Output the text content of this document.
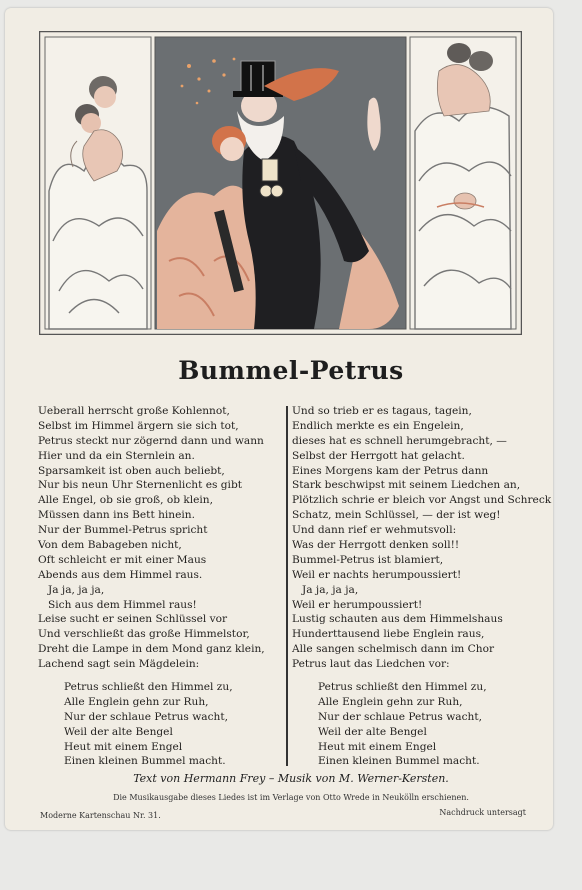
Bummel-Petrus
Ueberall herrscht große Kohlennot,
Selbst im Himmel ärgern sie sich tot,
Petrus steckt nur zögernd dann und wann
Hier und da ein Sternlein an.
Sparsamkeit ist oben auch beliebt,
Nur bis neun Uhr Sternenlicht es gibt
Alle Engel, ob sie groß, ob klein,
Müssen dann ins Bett hinein.
Nur der Bummel-Petrus spricht
Von dem Babageben nicht,
Oft schleicht er mit einer Maus
Abends aus dem Himmel raus.
Ja ja, ja ja,
Sich aus dem Himmel raus!
Leise sucht er seinen Schlüssel vor
Und verschließt das große Himmelstor,
Dreht die Lampe in dem Mond ganz klein,
Lachend sagt sein Mägdelein:
Petrus schließt den Himmel zu,
Alle Englein gehn zur Ruh,
Nur der schlaue Petrus wacht,
Weil der alte Bengel
Heut mit einem Engel
Einen kleinen Bummel macht.
Und so trieb er es tagaus, tagein,
Endlich merkte es ein Engelein,
dieses hat es schnell herumgebracht, —
Selbst der Herrgott hat gelacht.
Eines Morgens kam der Petrus dann
Stark beschwipst mit seinem Liedchen an,
Plötzlich schrie er bleich vor Angst und Schreck
Schatz, mein Schlüssel, — der ist weg!
Und dann rief er wehmutsvoll:
Was der Herrgott denken soll!!
Bummel-Petrus ist blamiert,
Weil er nachts herumpoussiert!
Ja ja, ja ja,
Weil er herumpoussiert!
Lustig schauten aus dem Himmelshaus
Hunderttausend liebe Englein raus,
Alle sangen schelmisch dann im Chor
Petrus laut das Liedchen vor:
Petrus schließt den Himmel zu,
Alle Englein gehn zur Ruh,
Nur der schlaue Petrus wacht,
Weil der alte Bengel
Heut mit einem Engel
Einen kleinen Bummel macht.
Text von Hermann Frey – Musik von M. Werner-Kersten.
Die Musikausgabe dieses Liedes ist im Verlage von Otto Wrede in Neukölln erschienen.
Moderne Kartenschau Nr. 31.	Nachdruck untersagt
